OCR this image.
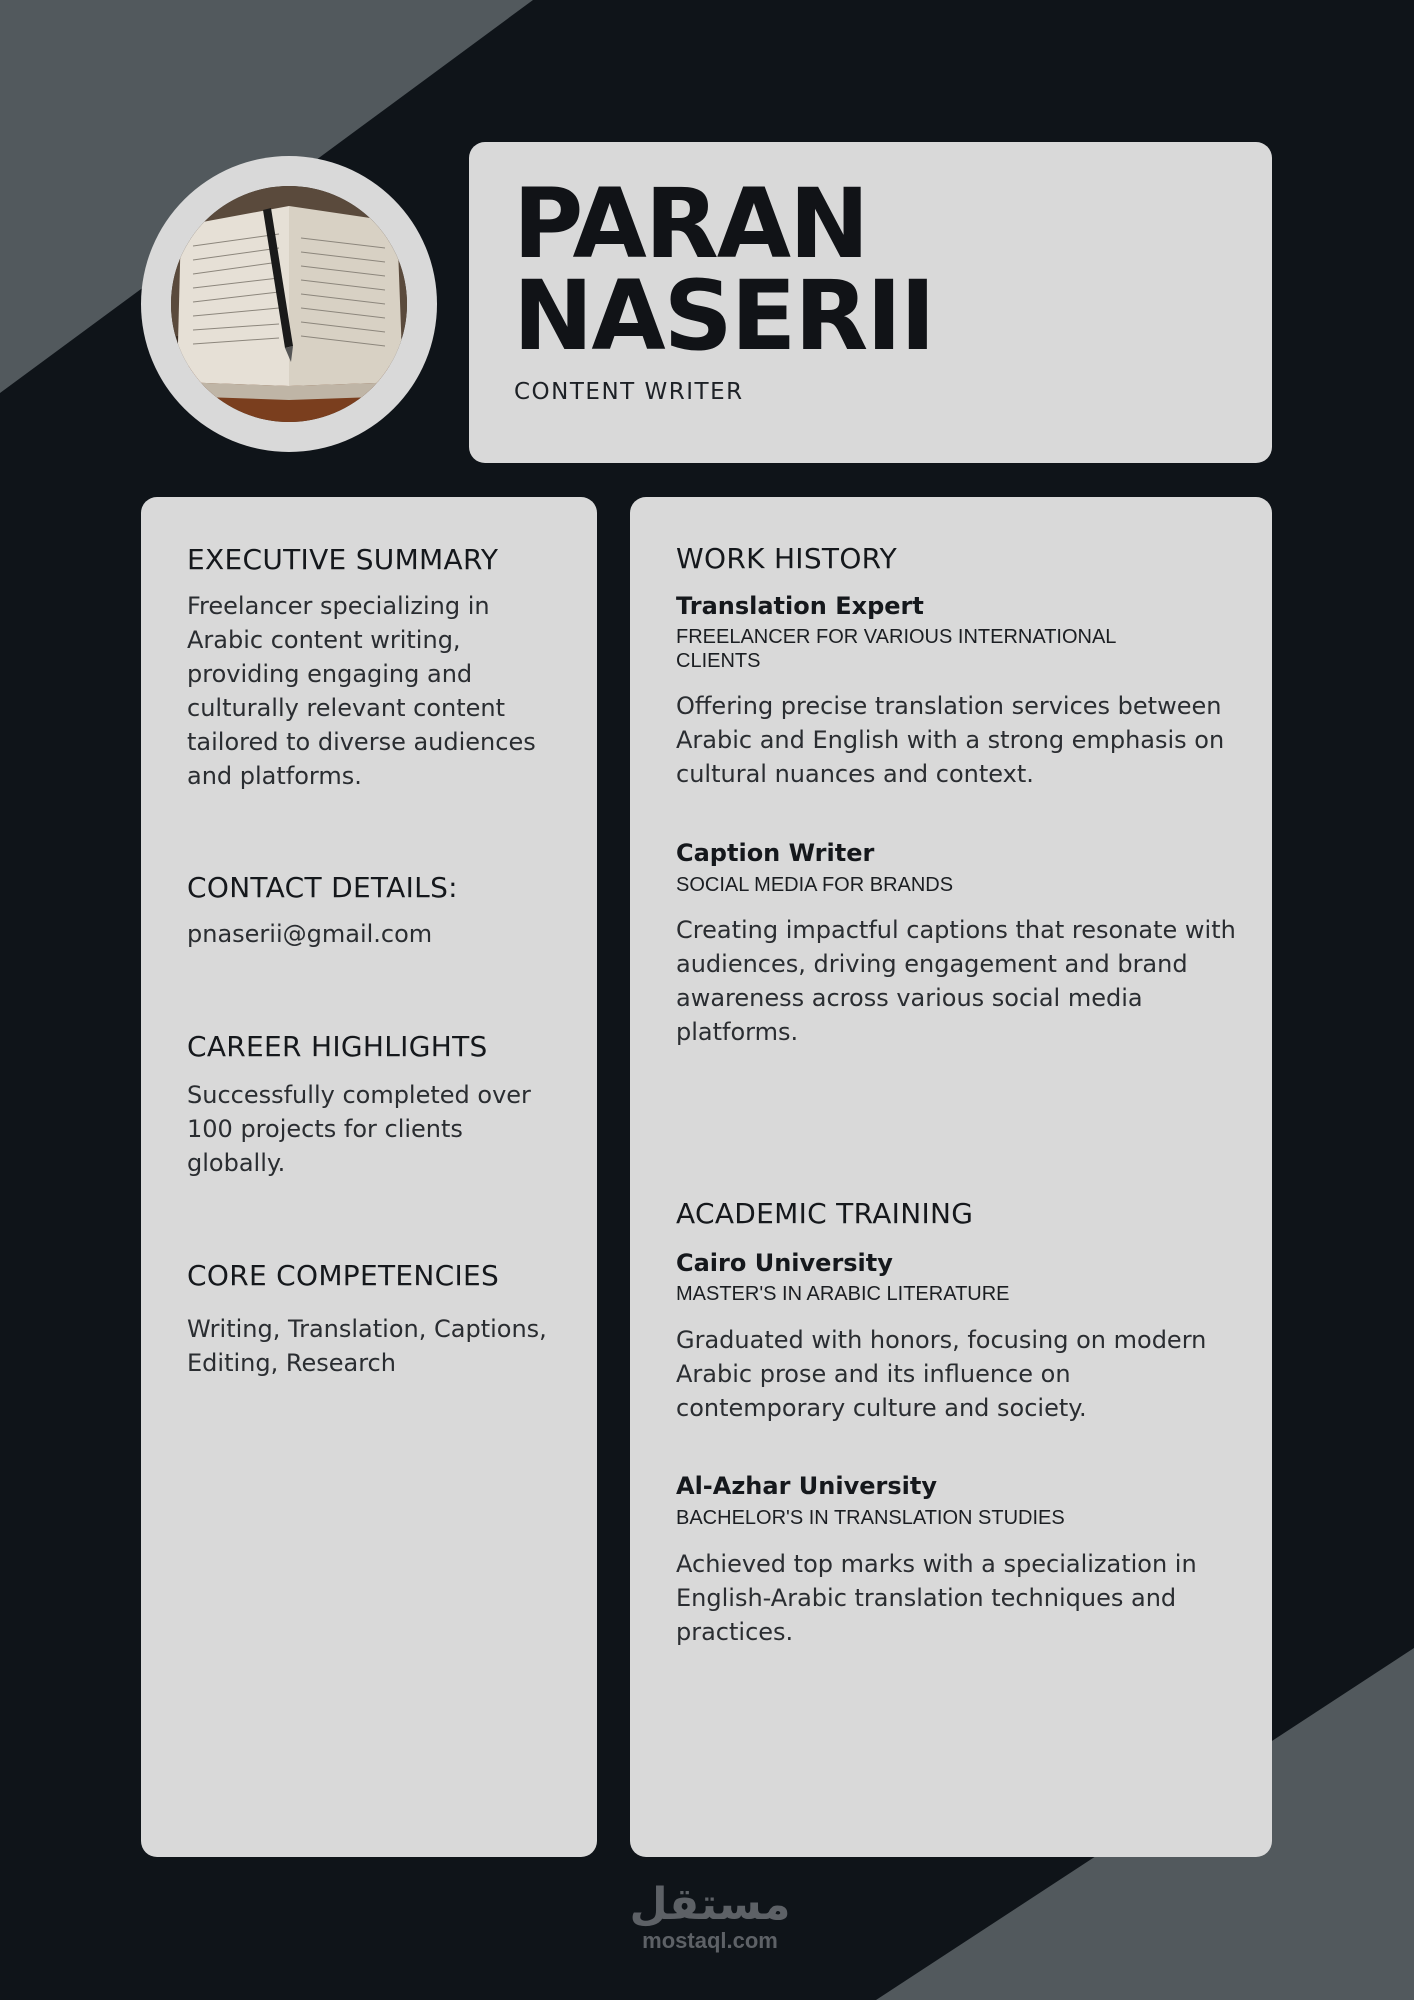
PARAN
NASERII
CONTENT WRITER
EXECUTIVE SUMMARY

Freelancer specializing in Arabic content writing, providing engaging and culturally relevant content tailored to diverse audiences and platforms.

CONTACT DETAILS:

pnaserii@gmail.com

CAREER HIGHLIGHTS

Successfully completed over 100 projects for clients globally.

CORE COMPETENCIES

Writing, Translation, Captions, Editing, Research

WORK HISTORY
Translation Expert

FREELANCER FOR VARIOUS INTERNATIONAL CLIENTS

Offering precise translation services between Arabic and English with a strong emphasis on cultural nuances and context.

Caption Writer

SOCIAL MEDIA FOR BRANDS

Creating impactful captions that resonate with audiences, driving engagement and brand awareness across various social media platforms.

ACADEMIC TRAINING
Cairo University

MASTER'S IN ARABIC LITERATURE

Graduated with honors, focusing on modern Arabic prose and its influence on contemporary culture and society.

Al-Azhar University

BACHELOR'S IN TRANSLATION STUDIES

Achieved top marks with a specialization in English-Arabic translation techniques and practices.

مستقل
mostaql.com
